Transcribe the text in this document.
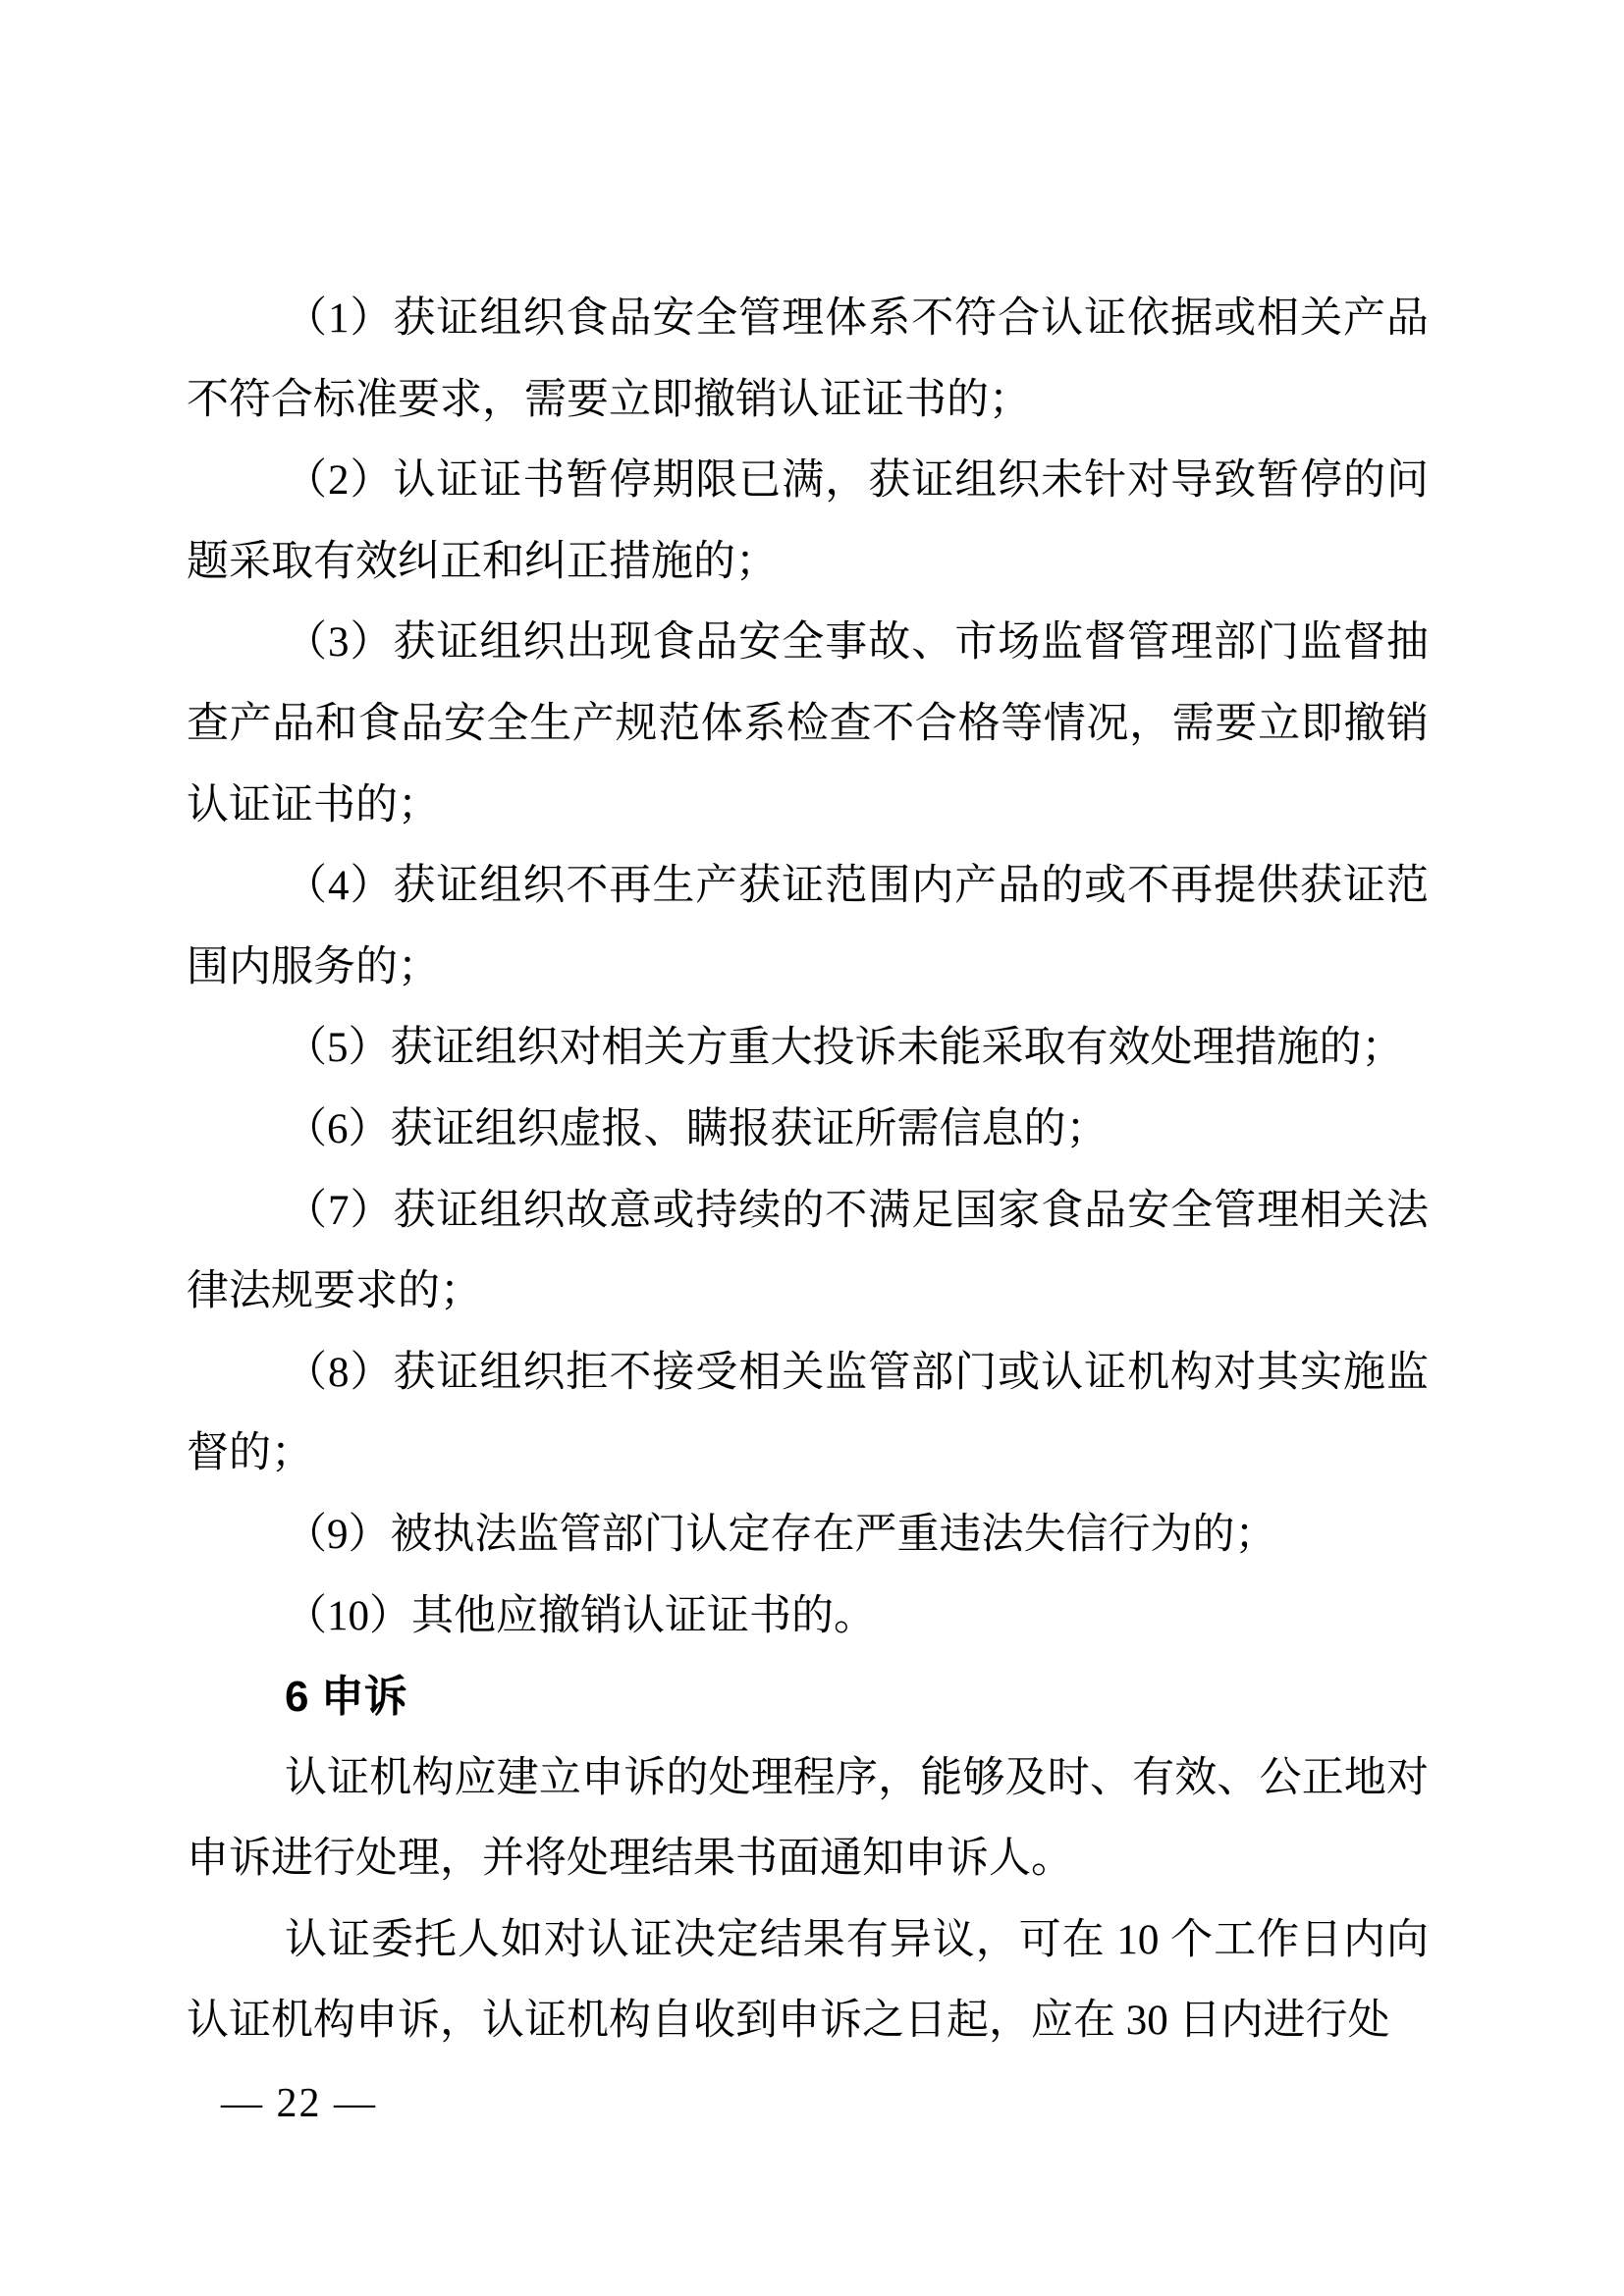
（1）获证组织食品安全管理体系不符合认证依据或相关产品
不符合标准要求，需要立即撤销认证证书的；
（2）认证证书暂停期限已满，获证组织未针对导致暂停的问
题采取有效纠正和纠正措施的；
（3）获证组织出现食品安全事故、市场监督管理部门监督抽
查产品和食品安全生产规范体系检查不合格等情况，需要立即撤销
认证证书的；
（4）获证组织不再生产获证范围内产品的或不再提供获证范
围内服务的；
（5）获证组织对相关方重大投诉未能采取有效处理措施的；
（6）获证组织虚报、瞒报获证所需信息的；
（7）获证组织故意或持续的不满足国家食品安全管理相关法
律法规要求的；
（8）获证组织拒不接受相关监管部门或认证机构对其实施监
督的；
（9）被执法监管部门认定存在严重违法失信行为的；
（10）其他应撤销认证证书的。
6 申诉
认证机构应建立申诉的处理程序，能够及时、有效、公正地对
申诉进行处理，并将处理结果书面通知申诉人。
认证委托人如对认证决定结果有异议，可在 10 个工作日内向
认证机构申诉，认证机构自收到申诉之日起，应在 30 日内进行处
— 22 —
